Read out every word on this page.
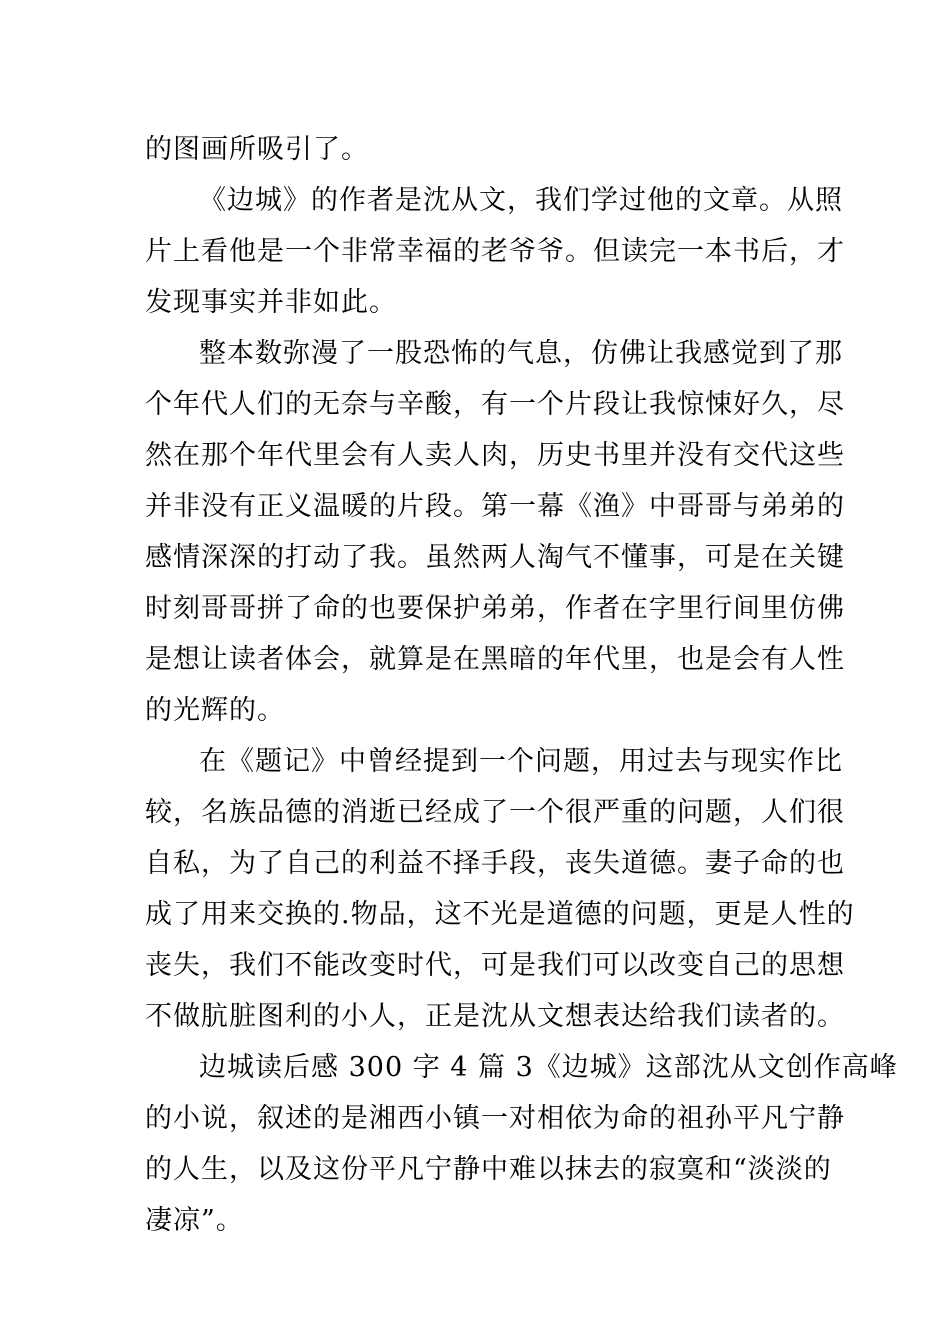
的图画所吸引了。
《边城》的作者是沈从文，我们学过他的文章。从照
片上看他是一个非常幸福的老爷爷。但读完一本书后，才
发现事实并非如此。
整本数弥漫了一股恐怖的气息，仿佛让我感觉到了那
个年代人们的无奈与辛酸，有一个片段让我惊悚好久，尽
然在那个年代里会有人卖人肉，历史书里并没有交代这些
并非没有正义温暖的片段。第一幕《渔》中哥哥与弟弟的
感情深深的打动了我。虽然两人淘气不懂事，可是在关键
时刻哥哥拼了命的也要保护弟弟，作者在字里行间里仿佛
是想让读者体会，就算是在黑暗的年代里，也是会有人性
的光辉的。
在《题记》中曾经提到一个问题，用过去与现实作比
较，名族品德的消逝已经成了一个很严重的问题，人们很
自私，为了自己的利益不择手段，丧失道德。妻子命的也
成了用来交换的.物品，这不光是道德的问题，更是人性的
丧失，我们不能改变时代，可是我们可以改变自己的思想
不做肮脏图利的小人，正是沈从文想表达给我们读者的。
边城读后感 300 字 4 篇 3《边城》这部沈从文创作高峰
的小说，叙述的是湘西小镇一对相依为命的祖孙平凡宁静
的人生，以及这份平凡宁静中难以抹去的寂寞和“淡淡的
凄凉”。
